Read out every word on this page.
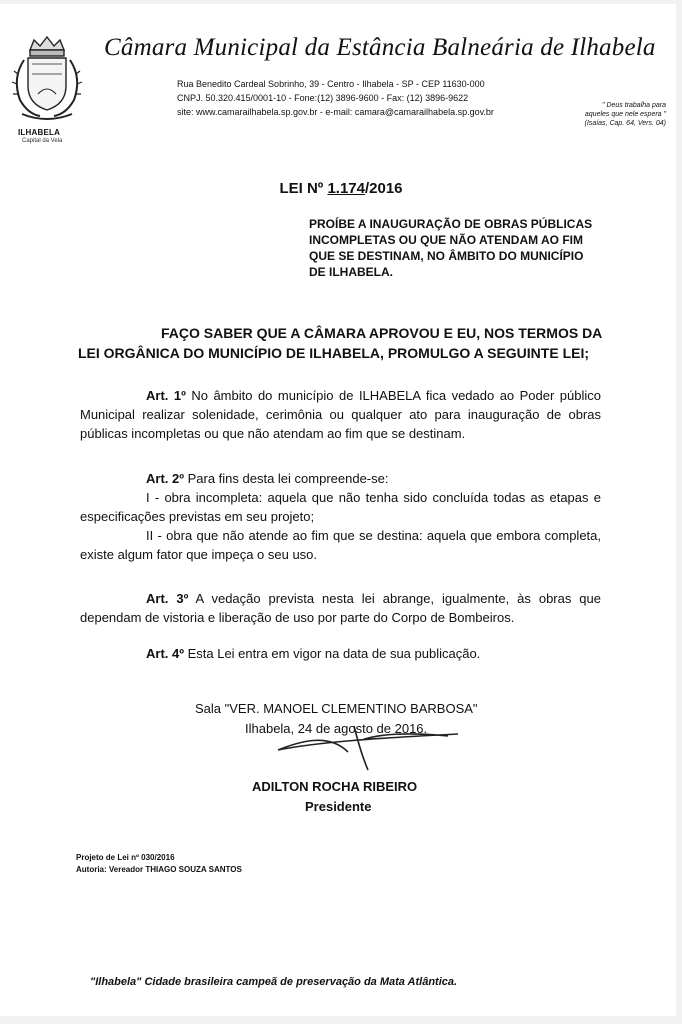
ILHABELA
Capital da Vela
Câmara Municipal da Estância Balneária de Ilhabela
Rua Benedito Cardeal Sobrinho, 39 - Centro - Ilhabela - SP - CEP 11630-000
CNPJ. 50.320.415/0001-10 - Fone:(12) 3896-9600 - Fax: (12) 3896-9622
site: www.camarailhabela.sp.gov.br - e-mail: camara@camarailhabela.sp.gov.br
" Deus trabalha para
aqueles que nele espera "
(Isaías, Cap. 64, Vers. 04)
LEI Nº 1.174/2016
PROÍBE A INAUGURAÇÃO DE OBRAS PÚBLICAS
INCOMPLETAS OU QUE NÃO ATENDAM AO FIM
QUE SE DESTINAM, NO ÂMBITO DO MUNICÍPIO
DE ILHABELA.
FAÇO SABER QUE A CÂMARA APROVOU E EU, NOS TERMOS DA
LEI ORGÂNICA DO MUNICÍPIO DE ILHABELA, PROMULGO A SEGUINTE LEI;
Art. 1º No âmbito do município de ILHABELA fica vedado ao Poder público
Municipal realizar solenidade, cerimônia ou qualquer ato para inauguração de obras
públicas incompletas ou que não atendam ao fim que se destinam.
Art. 2º Para fins desta lei compreende-se:
I - obra incompleta: aquela que não tenha sido concluída todas as etapas e
especificações previstas em seu projeto;
II - obra que não atende ao fim que se destina: aquela que embora completa,
existe algum fator que impeça o seu uso.
Art. 3º A vedação prevista nesta lei abrange, igualmente, às obras que
dependam de vistoria e liberação de uso por parte do Corpo de Bombeiros.
Art. 4º Esta Lei entra em vigor na data de sua publicação.
Sala "VER. MANOEL CLEMENTINO BARBOSA"
Ilhabela, 24 de agosto de 2016.
ADILTON ROCHA RIBEIRO
Presidente
Projeto de Lei nº 030/2016
Autoria: Vereador THIAGO SOUZA SANTOS
"Ilhabela" Cidade brasileira campeã de preservação da Mata Atlântica.
